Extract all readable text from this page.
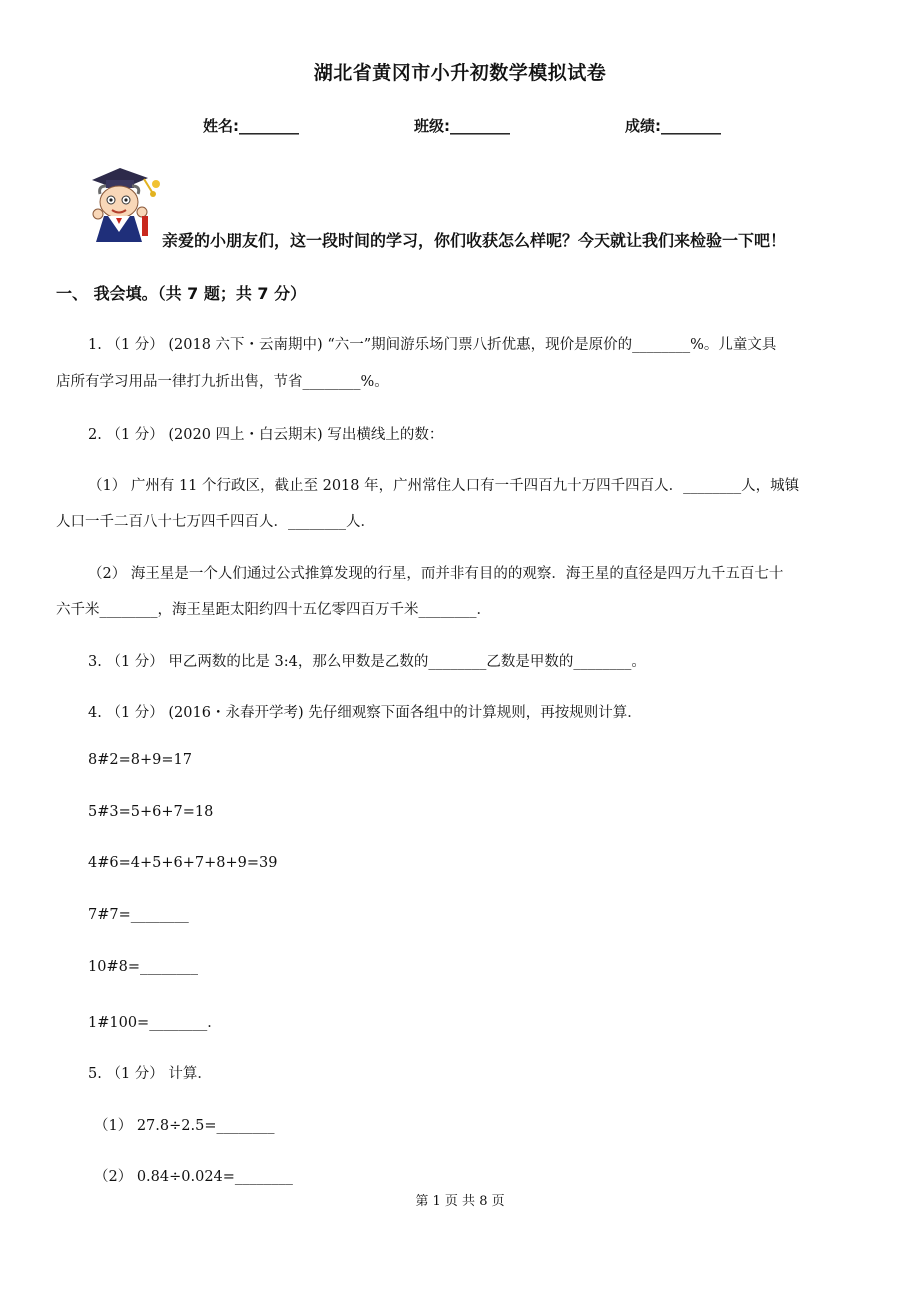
湖北省黄冈市小升初数学模拟试卷
姓名:________	班级:________	成绩:________
亲爱的小朋友们，这一段时间的学习，你们收获怎么样呢？今天就让我们来检验一下吧！
一、 我会填。（共 7 题；共 7 分）
1. （1 分） (2018 六下・云南期中) “六一”期间游乐场门票八折优惠，现价是原价的________%。儿童文具
店所有学习用品一律打九折出售，节省________%。
2. （1 分） (2020 四上・白云期末) 写出横线上的数：
（1） 广州有 11 个行政区，截止至 2018 年，广州常住人口有一千四百九十万四千四百人．________人，城镇
人口一千二百八十七万四千四百人．________人．
（2） 海王星是一个人们通过公式推算发现的行星，而并非有目的的观察．海王星的直径是四万九千五百七十
六千米________，海王星距太阳约四十五亿零四百万千米________．
3. （1 分） 甲乙两数的比是 3:4，那么甲数是乙数的________乙数是甲数的________。
4. （1 分） (2016・永春开学考) 先仔细观察下面各组中的计算规则，再按规则计算．
8#2=8+9=17
5#3=5+6+7=18
4#6=4+5+6+7+8+9=39
7#7=________
10#8=________
1#100=________．
5. （1 分） 计算．
（1） 27.8÷2.5=________
（2） 0.84÷0.024=________
第 1 页 共 8 页
